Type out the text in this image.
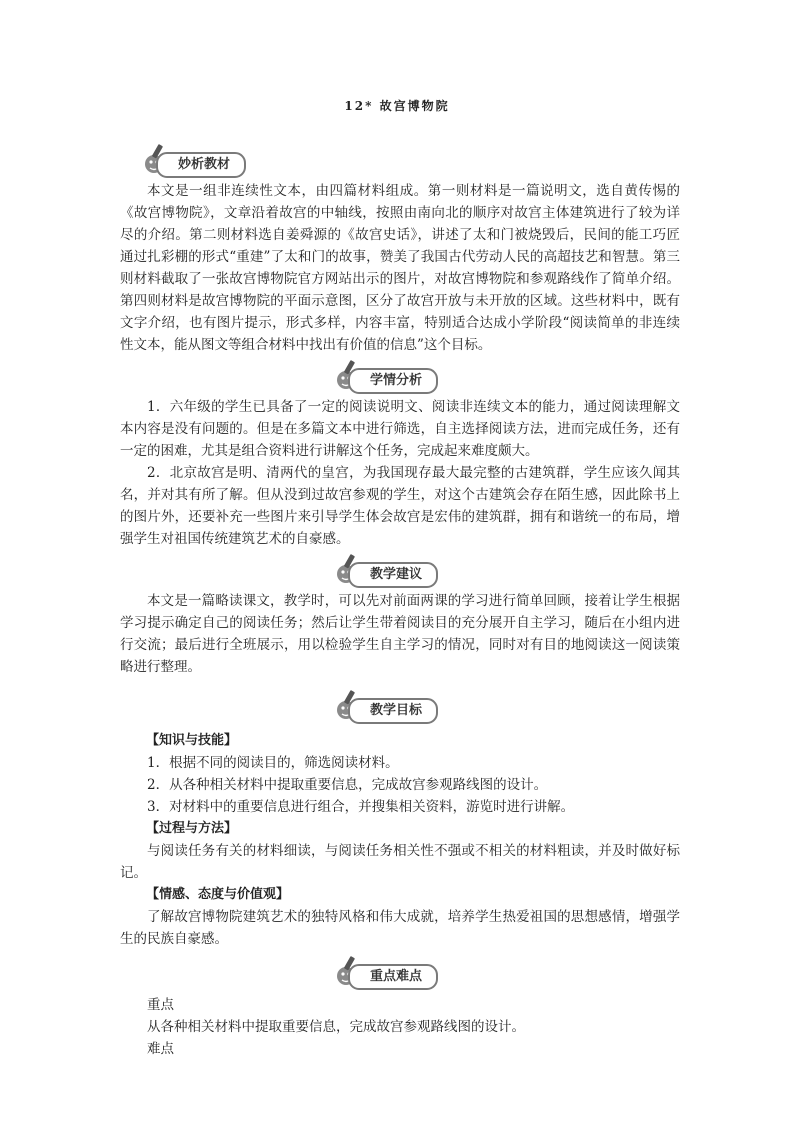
12* 故宫博物院
妙析教材

本文是一组非连续性文本，由四篇材料组成。第一则材料是一篇说明文，选自黄传惕的《故宫博物院》，文章沿着故宫的中轴线，按照由南向北的顺序对故宫主体建筑进行了较为详尽的介绍。第二则材料选自姜舜源的《故宫史话》，讲述了太和门被烧毁后，民间的能工巧匠通过扎彩棚的形式“重建”了太和门的故事，赞美了我国古代劳动人民的高超技艺和智慧。第三则材料截取了一张故宫博物院官方网站出示的图片，对故宫博物院和参观路线作了简单介绍。第四则材料是故宫博物院的平面示意图，区分了故宫开放与未开放的区域。这些材料中，既有文字介绍，也有图片提示，形式多样，内容丰富，特别适合达成小学阶段“阅读简单的非连续性文本，能从图文等组合材料中找出有价值的信息”这个目标。

学情分析

1．六年级的学生已具备了一定的阅读说明文、阅读非连续文本的能力，通过阅读理解文本内容是没有问题的。但是在多篇文本中进行筛选，自主选择阅读方法，进而完成任务，还有一定的困难，尤其是组合资料进行讲解这个任务，完成起来难度颇大。

2．北京故宫是明、清两代的皇宫，为我国现存最大最完整的古建筑群，学生应该久闻其名，并对其有所了解。但从没到过故宫参观的学生，对这个古建筑会存在陌生感，因此除书上的图片外，还要补充一些图片来引导学生体会故宫是宏伟的建筑群，拥有和谐统一的布局，增强学生对祖国传统建筑艺术的自豪感。

教学建议

本文是一篇略读课文，教学时，可以先对前面两课的学习进行简单回顾，接着让学生根据学习提示确定自己的阅读任务；然后让学生带着阅读目的充分展开自主学习，随后在小组内进行交流；最后进行全班展示，用以检验学生自主学习的情况，同时对有目的地阅读这一阅读策略进行整理。

教学目标

【知识与技能】

1．根据不同的阅读目的，筛选阅读材料。

2．从各种相关材料中提取重要信息，完成故宫参观路线图的设计。

3．对材料中的重要信息进行组合，并搜集相关资料，游览时进行讲解。

【过程与方法】

与阅读任务有关的材料细读，与阅读任务相关性不强或不相关的材料粗读，并及时做好标记。

【情感、态度与价值观】

了解故宫博物院建筑艺术的独特风格和伟大成就，培养学生热爱祖国的思想感情，增强学生的民族自豪感。

重点难点

重点

从各种相关材料中提取重要信息，完成故宫参观路线图的设计。

难点
